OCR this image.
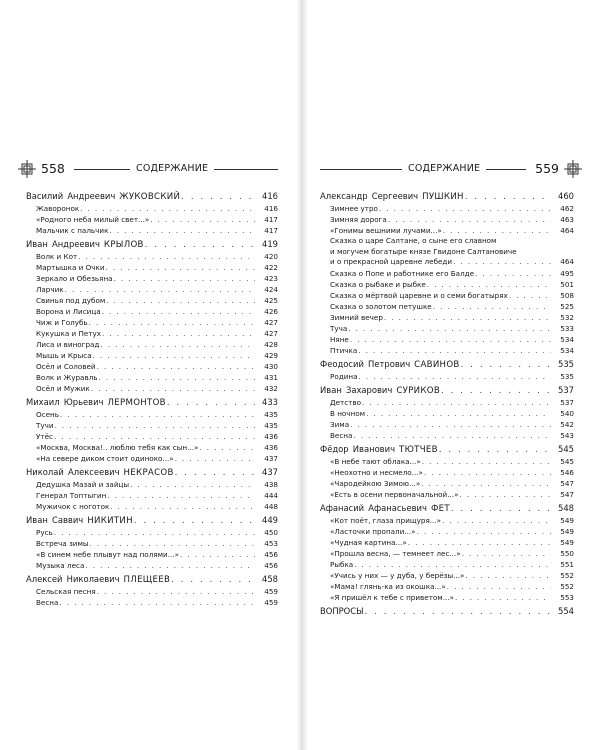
558	СОДЕРЖАНИЕ
Василий Андреевич ЖУКОВСКИЙ . . .	416
Жаворонок . . .	416
«Родного неба милый свет...» . . .	417
Мальчик с пальчик . . .	417
Иван Андреевич КРЫЛОВ . . .	419
Волк и Кот . . .	420
Мартышка и Очки . . .	422
Зеркало и Обезьяна . . .	423
Ларчик . . .	424
Свинья под дубом . . .	425
Ворона и Лисица . . .	426
Чиж и Голубь . . .	427
Кукушка и Петух . . .	427
Лиса и виноград . . .	428
Мышь и Крыса . . .	429
Осёл и Соловей . . .	430
Волк и Журавль . . .	431
Осёл и Мужик . . .	432
Михаил Юрьевич ЛЕРМОНТОВ . . .	433
Осень . . .	435
Тучи . . .	435
Утёс . . .	436
«Москва, Москва!.. люблю тебя как сын...» . . .	436
«На севере диком стоит одиноко...» . . .	437
Николай Алексеевич НЕКРАСОВ . . .	437
Дедушка Мазай и зайцы . . .	438
Генерал Топтыгин . . .	444
Мужичок с ноготок . . .	448
Иван Саввич НИКИТИН . . .	449
Русь . . .	450
Встреча зимы . . .	453
«В синем небе плывут над полями...» . . .	456
Музыка леса . . .	456
Алексей Николаевич ПЛЕЩЕЕВ . . .	458
Сельская песня . . .	459
Весна . . .	459
СОДЕРЖАНИЕ	559
Александр Сергеевич ПУШКИН . . .	460
Зимнее утро . . .	462
Зимняя дорога . . .	463
«Гонимы вешними лучами...» . . .	464
Сказка о царе Салтане, о сыне его славном
и могучем богатыре князе Гвидоне Салтановиче
и о прекрасной царевне лебеди . . .	464
Сказка о Попе и работнике его Балде . . .	495
Сказка о рыбаке и рыбке . . .	501
Сказка о мёртвой царевне и о семи богатырях . . .	508
Сказка о золотом петушке . . .	525
Зимний вечер . . .	532
Туча . . .	533
Няне . . .	534
Птичка . . .	534
Феодосий Петрович САВИНОВ . . .	535
Родина . . .	535
Иван Захарович СУРИКОВ . . .	537
Детство . . .	537
В ночном . . .	540
Зима . . .	542
Весна . . .	543
Фёдор Иванович ТЮТЧЕВ . . .	545
«В небе тают облака...» . . .	545
«Неохотно и несмело...» . . .	546
«Чародейкою Зимою...» . . .	547
«Есть в осени первоначальной...» . . .	547
Афанасий Афанасьевич ФЕТ . . .	548
«Кот поёт, глаза прищуря...» . . .	549
«Ласточки пропали...» . . .	549
«Чудная картина...» . . .	549
«Прошла весна, — темнеет лес...» . . .	550
Рыбка . . .	551
«Учись у них — у дуба, у берёзы...» . . .	552
«Мама! глянь-ка из окошка...» . . .	552
«Я пришёл к тебе с приветом...» . . .	553
ВОПРОСЫ . . .	554
